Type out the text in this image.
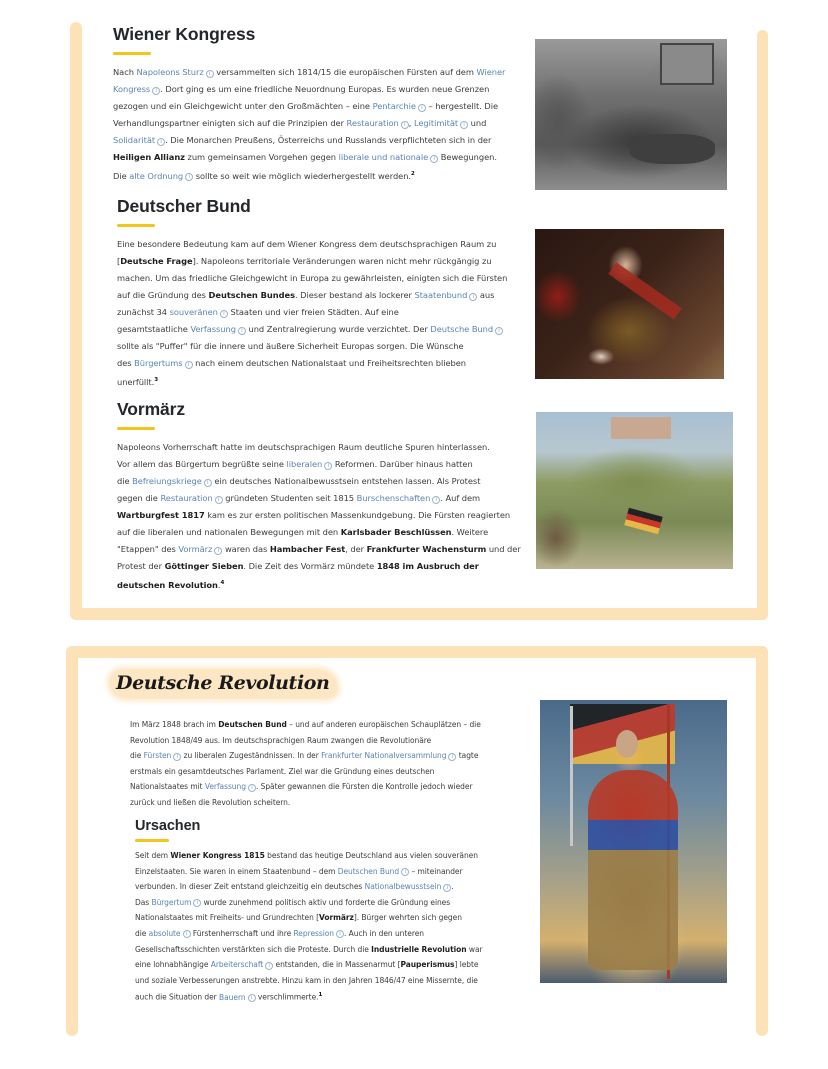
Wiener Kongress
Nach Napoleons Sturz i versammelten sich 1814/15 die europäischen Fürsten auf dem Wiener
Kongress i . Dort ging es um eine friedliche Neuordnung Europas. Es wurden neue Grenzen
gezogen und ein Gleichgewicht unter den Großmächten – eine Pentarchie i – hergestellt. Die
Verhandlungspartner einigten sich auf die Prinzipien der Restauration i , Legitimität i und
Solidarität i . Die Monarchen Preußens, Österreichs und Russlands verpflichteten sich in der
Heiligen Allianz zum gemeinsamen Vorgehen gegen liberale und nationale i Bewegungen.
Die alte Ordnung i sollte so weit wie möglich wiederhergestellt werden.$^2$
Deutscher Bund
Eine besondere Bedeutung kam auf dem Wiener Kongress dem deutschsprachigen Raum zu
[Deutsche Frage]. Napoleons territoriale Veränderungen waren nicht mehr rückgängig zu
machen. Um das friedliche Gleichgewicht in Europa zu gewährleisten, einigten sich die Fürsten
auf die Gründung des Deutschen Bundes. Dieser bestand als lockerer Staatenbund i aus
zunächst 34 souveränen i Staaten und vier freien Städten. Auf eine
gesamtstaatliche Verfassung i und Zentralregierung wurde verzichtet. Der Deutsche Bund i
sollte als "Puffer" für die innere und äußere Sicherheit Europas sorgen. Die Wünsche
des Bürgertums i nach einem deutschen Nationalstaat und Freiheitsrechten blieben
unerfüllt.$^3$
Vormärz
Napoleons Vorherrschaft hatte im deutschsprachigen Raum deutliche Spuren hinterlassen.
Vor allem das Bürgertum begrüßte seine liberalen i Reformen. Darüber hinaus hatten
die Befreiungskriege i ein deutsches Nationalbewusstsein entstehen lassen. Als Protest
gegen die Restauration i gründeten Studenten seit 1815 Burschenschaften i . Auf dem
Wartburgfest 1817 kam es zur ersten politischen Massenkundgebung. Die Fürsten reagierten
auf die liberalen und nationalen Bewegungen mit den Karlsbader Beschlüssen. Weitere
"Etappen" des Vormärz i waren das Hambacher Fest, der Frankfurter Wachensturm und der
Protest der Göttinger Sieben. Die Zeit des Vormärz mündete 1848 im Ausbruch der
deutschen Revolution.$^4$
Deutsche Revolution
Im März 1848 brach im Deutschen Bund – und auf anderen europäischen Schauplätzen – die
Revolution 1848/49 aus. Im deutschsprachigen Raum zwangen die Revolutionäre
die Fürsten i zu liberalen Zugeständnissen. In der Frankfurter Nationalversammlung i tagte
erstmals ein gesamtdeutsches Parlament. Ziel war die Gründung eines deutschen
Nationalstaates mit Verfassung i . Später gewannen die Fürsten die Kontrolle jedoch wieder
zurück und ließen die Revolution scheitern.
Ursachen
Seit dem Wiener Kongress 1815 bestand das heutige Deutschland aus vielen souveränen
Einzelstaaten. Sie waren in einem Staatenbund – dem Deutschen Bund i – miteinander
verbunden. In dieser Zeit entstand gleichzeitig ein deutsches Nationalbewusstsein i .
Das Bürgertum i wurde zunehmend politisch aktiv und forderte die Gründung eines
Nationalstaates mit Freiheits- und Grundrechten [Vormärz]. Bürger wehrten sich gegen
die absolute i Fürstenherrschaft und ihre Repression i . Auch in den unteren
Gesellschaftsschichten verstärkten sich die Proteste. Durch die Industrielle Revolution war
eine lohnabhängige Arbeiterschaft i entstanden, die in Massenarmut [Pauperismus] lebte
und soziale Verbesserungen anstrebte. Hinzu kam in den Jahren 1846/47 eine Missernte, die
auch die Situation der Bauern i verschlimmerte.$^1$
